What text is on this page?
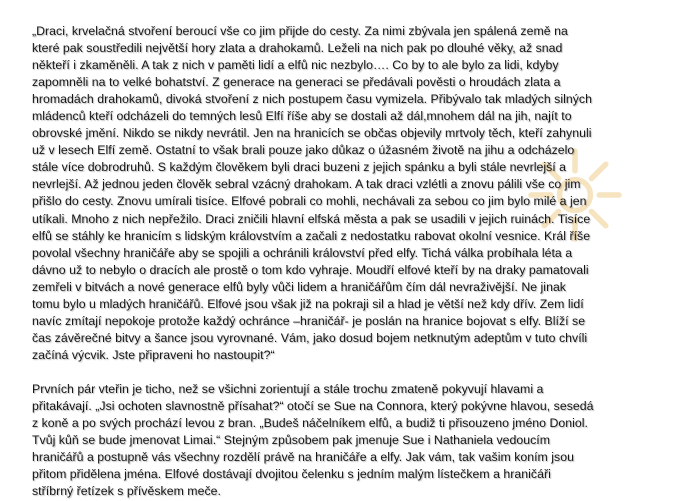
„Draci, krvelačná stvoření beroucí vše co jim přijde do cesty. Za nimi zbývala jen spálená země na
které pak soustředili největší hory zlata a drahokamů. Leželi na nich pak po dlouhé věky, až snad
někteří i zkaměněli. A tak z nich v paměti lidí a elfů nic nezbylo…. Co by to ale bylo za lidi, kdyby
zapomněli na to velké bohatství. Z generace na generaci se předávali pověsti o hroudách zlata a
hromadách drahokamů, divoká stvoření z nich postupem času vymizela. Přibývalo tak mladých silných
mládenců kteří odcházeli do temných lesů Elfí říše aby se dostali až dál,mnohem dál na jih, najít to
obrovské jmění. Nikdo se nikdy nevrátil. Jen na hranicích se občas objevily mrtvoly těch, kteří zahynuli
už v lesech Elfí země. Ostatní to však brali pouze jako důkaz o úžasném životě na jihu a odcházelo
stále více dobrodruhů. S každým člověkem byli draci buzeni z jejich spánku a byli stále nevrlejší a
nevrlejší. Až jednou jeden člověk sebral vzácný drahokam. A tak draci vzlétli a znovu pálili vše co jim
přišlo do cesty. Znovu umírali tisíce. Elfové pobrali co mohli, nechávali za sebou co jim bylo milé a jen
utíkali. Mnoho z nich nepřežilo. Draci zničili hlavní elfská města a pak se usadili v jejich ruinách. Tisíce
elfů se stáhly ke hranicím s lidským královstvím a začali z nedostatku rabovat okolní vesnice. Král říše
povolal všechny hraničáře aby se spojili a ochránili království před elfy. Tichá válka probíhala léta a
dávno už to nebylo o dracích ale prostě o tom kdo vyhraje. Moudří elfové kteří by na draky pamatovali
zemřeli v bitvách a nové generace elfů byly vůči lidem a hraničářům čím dál nevraživější. Ne jinak
tomu bylo u mladých hraničářů. Elfové jsou však již na pokraji sil a hlad je větší než kdy dřív. Zem lidí
navíc zmítají nepokoje protože každý ochránce –hraničář- je poslán na hranice bojovat s elfy. Blíží se
čas závěrečné bitvy a šance jsou vyrovnané. Vám, jako dosud bojem netknutým adeptům v tuto chvíli
začíná výcvik. Jste připraveni ho nastoupit?“

Prvních pár vteřin je ticho, než se všichni zorientují a stále trochu zmateně pokyvují hlavami a
přitakávají. „Jsi ochoten slavnostně přísahat?“ otočí se Sue na Connora, který pokývne hlavou, sesedá
z koně a po svých prochází levou z bran. „Budeš náčelníkem elfů, a budiž ti přisouzeno jméno Doniol.
Tvůj kůň se bude jmenovat Limai.“ Stejným způsobem pak jmenuje Sue i Nathaniela vedoucím
hraničářů a postupně vás všechny rozdělí právě na hraničáře a elfy. Jak vám, tak vašim koním jsou
přitom přidělena jména. Elfové dostávají dvojitou čelenku s jedním malým lístečkem a hraničáři
stříbrný řetízek s přívěskem meče.
